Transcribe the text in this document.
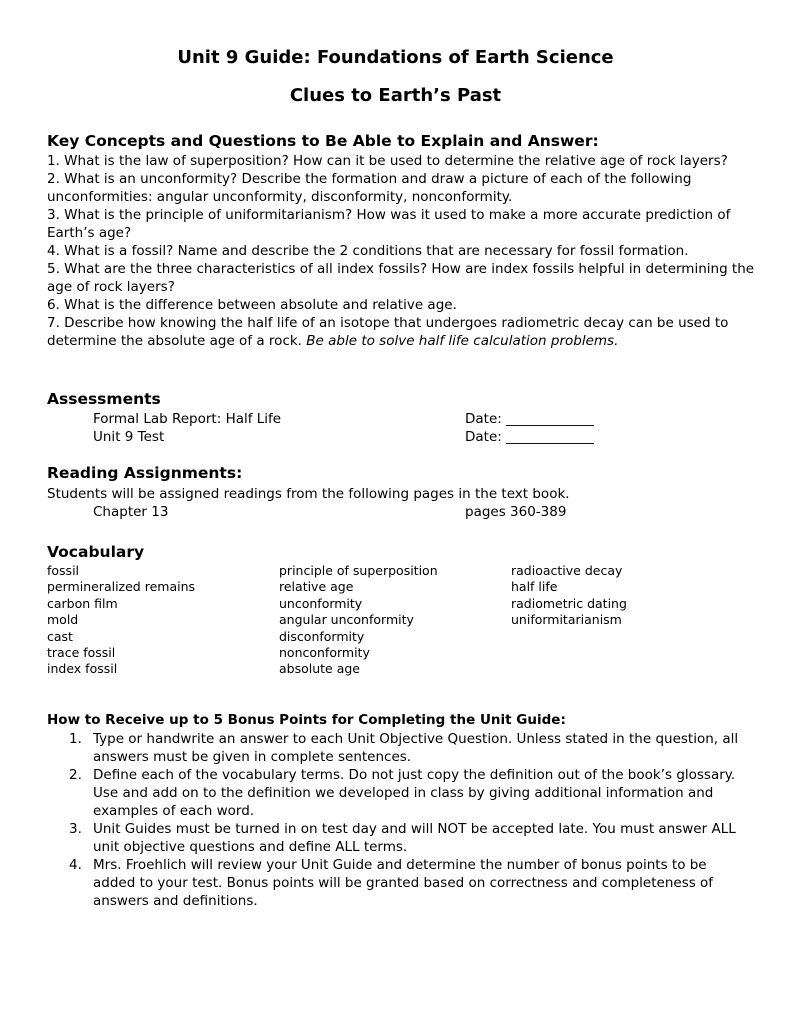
Unit 9 Guide: Foundations of Earth Science
Clues to Earth’s Past
Key Concepts and Questions to Be Able to Explain and Answer:
1. What is the law of superposition? How can it be used to determine the relative age of rock layers?
2. What is an unconformity? Describe the formation and draw a picture of each of the following unconformities: angular unconformity, disconformity, nonconformity.
3. What is the principle of uniformitarianism? How was it used to make a more accurate prediction of Earth’s age?
4. What is a fossil? Name and describe the 2 conditions that are necessary for fossil formation.
5. What are the three characteristics of all index fossils? How are index fossils helpful in determining the age of rock layers?
6. What is the difference between absolute and relative age.
7. Describe how knowing the half life of an isotope that undergoes radiometric decay can be used to determine the absolute age of a rock. Be able to solve half life calculation problems.
Assessments
Formal Lab Report: Half Life	Date: _____________
Unit 9 Test	Date: _____________
Reading Assignments:

Students will be assigned readings from the following pages in the text book.

Chapter 13	pages 360-389
Vocabulary
fossil
permineralized remains
carbon film
mold
cast
trace fossil
index fossil
principle of superposition
relative age
unconformity
angular unconformity
disconformity
nonconformity
absolute age
radioactive decay
half life
radiometric dating
uniformitarianism

How to Receive up to 5 Bonus Points for Completing the Unit Guide:

1. Type or handwrite an answer to each Unit Objective Question. Unless stated in the question, all answers must be given in complete sentences.
2. Define each of the vocabulary terms. Do not just copy the definition out of the book’s glossary. Use and add on to the definition we developed in class by giving additional information and examples of each word.
3. Unit Guides must be turned in on test day and will NOT be accepted late. You must answer ALL unit objective questions and define ALL terms.
4. Mrs. Froehlich will review your Unit Guide and determine the number of bonus points to be added to your test. Bonus points will be granted based on correctness and completeness of answers and definitions.
